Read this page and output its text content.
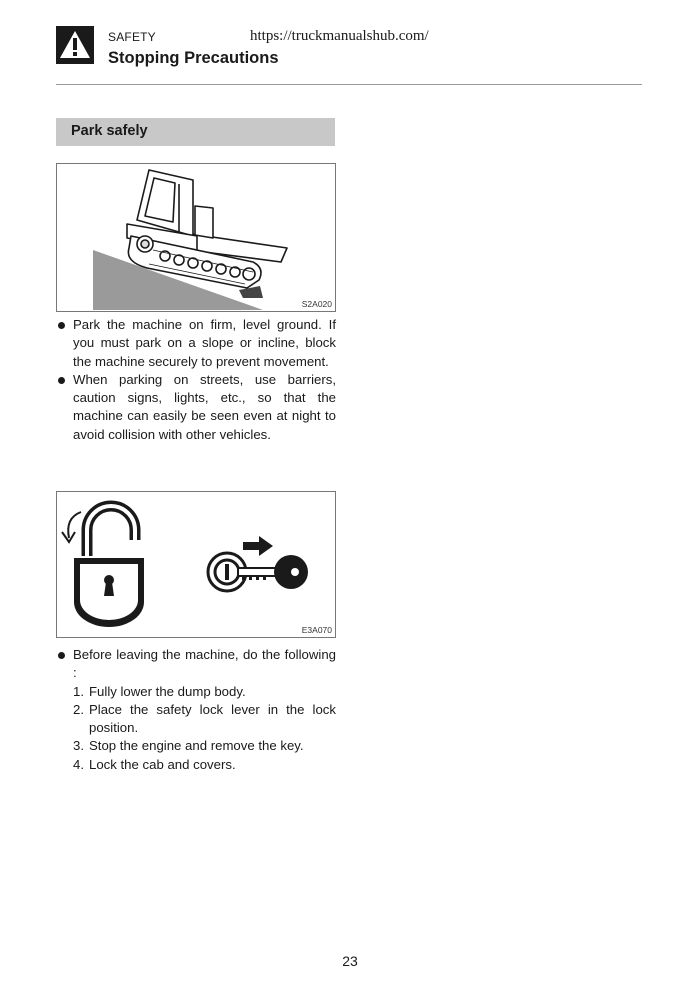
SAFETY	https://truckmanualshub.com/
Stopping Precautions
Park safely
S2A020
Park the machine on firm, level ground. If you must park on a slope or incline, block the machine securely to prevent movement.
When parking on streets, use barriers, caution signs, lights, etc., so that the machine can easily be seen even at night to avoid collision with other vehicles.
E3A070
Before leaving the machine, do the following :
1. Fully lower the dump body.
2. Place the safety lock lever in the lock position.
3. Stop the engine and remove the key.
4. Lock the cab and covers.
23
